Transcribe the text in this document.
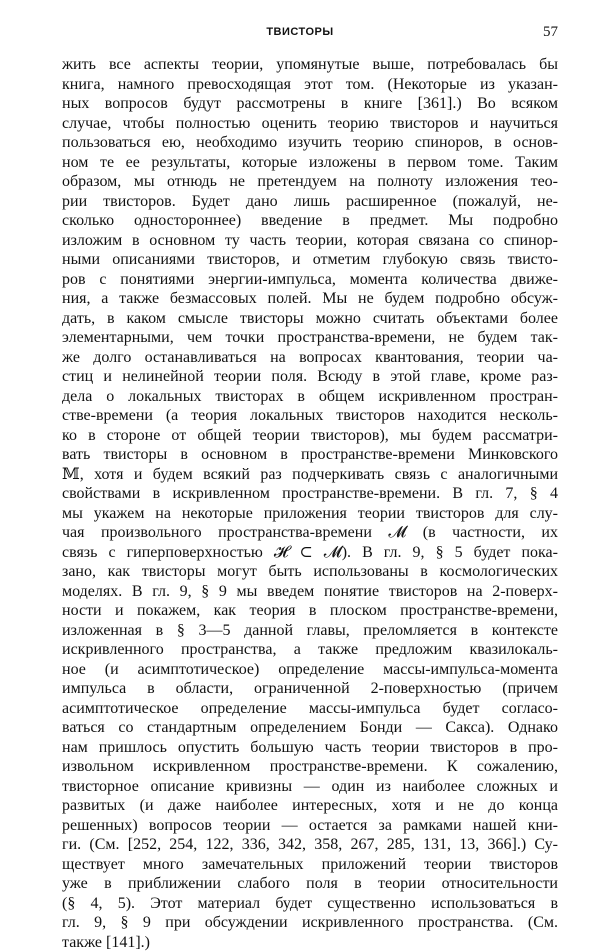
ТВИСТОРЫ	57
жить все аспекты теории, упомянутые выше, потребовалась бы
книга, намного превосходящая этот том. (Некоторые из указан-
ных вопросов будут рассмотрены в книге [361].) Во всяком
случае, чтобы полностью оценить теорию твисторов и научиться
пользоваться ею, необходимо изучить теорию спиноров, в основ-
ном те ее результаты, которые изложены в первом томе. Таким
образом, мы отнюдь не претендуем на полноту изложения тео-
рии твисторов. Будет дано лишь расширенное (пожалуй, не-
сколько одностороннее) введение в предмет. Мы подробно
изложим в основном ту часть теории, которая связана со спинор-
ными описаниями твисторов, и отметим глубокую связь твисто-
ров с понятиями энергии-импульса, момента количества движе-
ния, а также безмассовых полей. Мы не будем подробно обсуж-
дать, в каком смысле твисторы можно считать объектами более
элементарными, чем точки пространства-времени, не будем так-
же долго останавливаться на вопросах квантования, теории ча-
стиц и нелинейной теории поля. Всюду в этой главе, кроме раз-
дела о локальных твисторах в общем искривленном простран-
стве-времени (а теория локальных твисторов находится несколь-
ко в стороне от общей теории твисторов), мы будем рассматри-
вать твисторы в основном в пространстве-времени Минковского
𝕄, хотя и будем всякий раз подчеркивать связь с аналогичными
свойствами в искривленном пространстве-времени. В гл. 7, § 4
мы укажем на некоторые приложения теории твисторов для слу-
чая произвольного пространства-времени 𝓜 (в частности, их
связь с гиперповерхностью 𝓗 ⊂ 𝓜). В гл. 9, § 5 будет пока-
зано, как твисторы могут быть использованы в космологических
моделях. В гл. 9, § 9 мы введем понятие твисторов на 2-поверх-
ности и покажем, как теория в плоском пространстве-времени,
изложенная в § 3—5 данной главы, преломляется в контексте
искривленного пространства, а также предложим квазилокаль-
ное (и асимптотическое) определение массы-импульса-момента
импульса в области, ограниченной 2-поверхностью (причем
асимптотическое определение массы-импульса будет согласо-
ваться со стандартным определением Бонди — Сакса). Однако
нам пришлось опустить большую часть теории твисторов в про-
извольном искривленном пространстве-времени. К сожалению,
твисторное описание кривизны — один из наиболее сложных и
развитых (и даже наиболее интересных, хотя и не до конца
решенных) вопросов теории — остается за рамками нашей кни-
ги. (См. [252, 254, 122, 336, 342, 358, 267, 285, 131, 13, 366].) Су-
ществует много замечательных приложений теории твисторов
уже в приближении слабого поля в теории относительности
(§ 4, 5). Этот материал будет существенно использоваться в
гл. 9, § 9 при обсуждении искривленного пространства. (См.
также [141].)
